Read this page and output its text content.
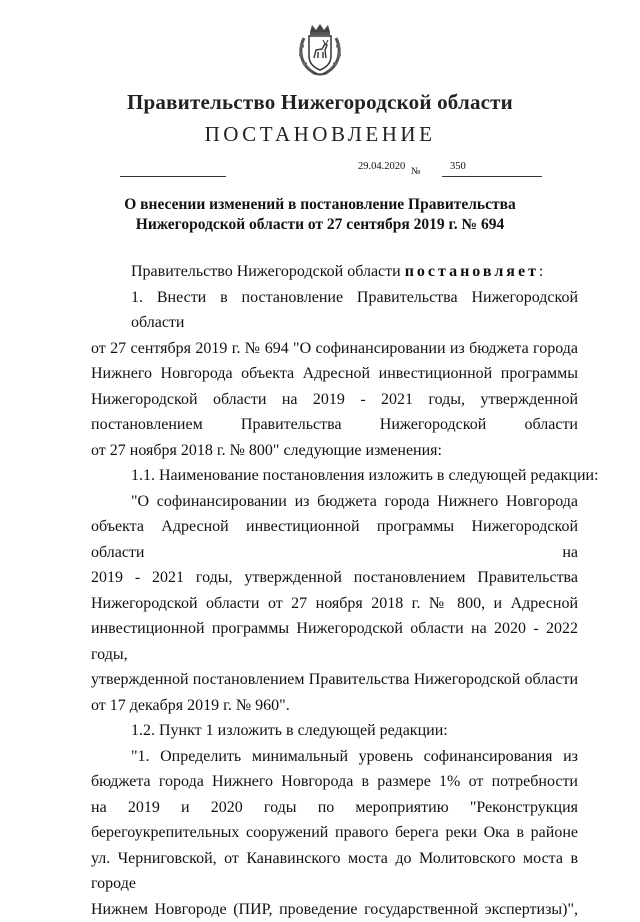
Правительство Нижегородской области
ПОСТАНОВЛЕНИЕ
29.04.2020 №	350
О внесении изменений в постановление Правительства
Нижегородской области от 27 сентября 2019 г. № 694
Правительство Нижегородской области постановляет:
1. Внести в постановление Правительства Нижегородской области
от 27 сентября 2019 г. № 694 "О софинансировании из бюджета города
Нижнего Новгорода объекта Адресной инвестиционной программы
Нижегородской области на 2019 - 2021 годы, утвержденной
постановлением Правительства Нижегородской области
от 27 ноября 2018 г. № 800" следующие изменения:
1.1. Наименование постановления изложить в следующей редакции:
"О софинансировании из бюджета города Нижнего Новгорода
объекта Адресной инвестиционной программы Нижегородской области на
2019 - 2021 годы, утвержденной постановлением Правительства
Нижегородской области от 27 ноября 2018 г. № 800, и Адресной
инвестиционной программы Нижегородской области на 2020 - 2022 годы,
утвержденной постановлением Правительства Нижегородской области
от 17 декабря 2019 г. № 960".
1.2. Пункт 1 изложить в следующей редакции:
"1. Определить минимальный уровень софинансирования из
бюджета города Нижнего Новгорода в размере 1% от потребности
на 2019 и 2020 годы по мероприятию "Реконструкция
берегоукрепительных сооружений правого берега реки Ока в районе
ул. Черниговской, от Канавинского моста до Молитовского моста в городе
Нижнем Новгороде (ПИР, проведение государственной экспертизы)",
